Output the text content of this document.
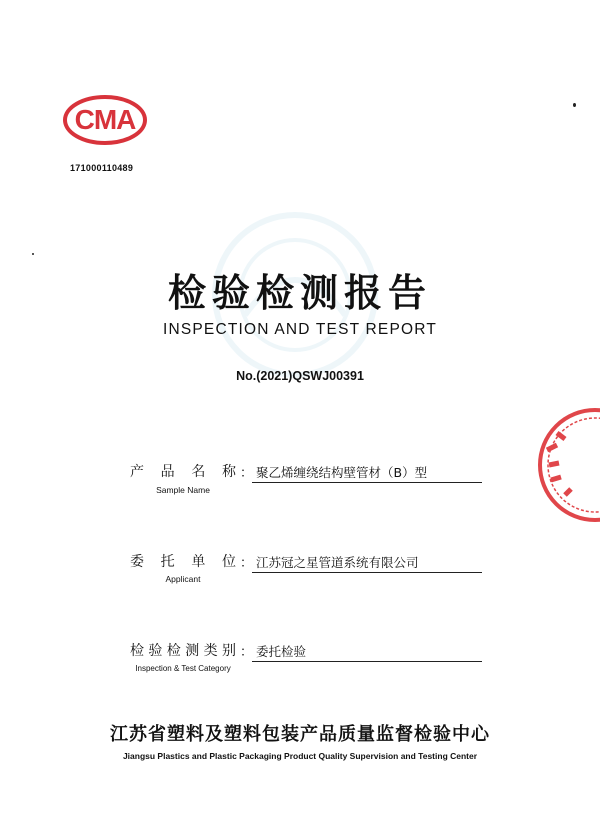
CMA
171000110489
检验检测报告
INSPECTION AND TEST REPORT
No.(2021)QSWJ00391
产品名称 ： 聚乙烯缠绕结构壁管材（B）型
Sample Name
委托单位 ： 江苏冠之星管道系统有限公司
Applicant
检验检测类别 ： 委托检验
Inspection & Test Category
江苏省塑料及塑料包装产品质量监督检验中心
Jiangsu Plastics and Plastic Packaging Product Quality Supervision and Testing Center
